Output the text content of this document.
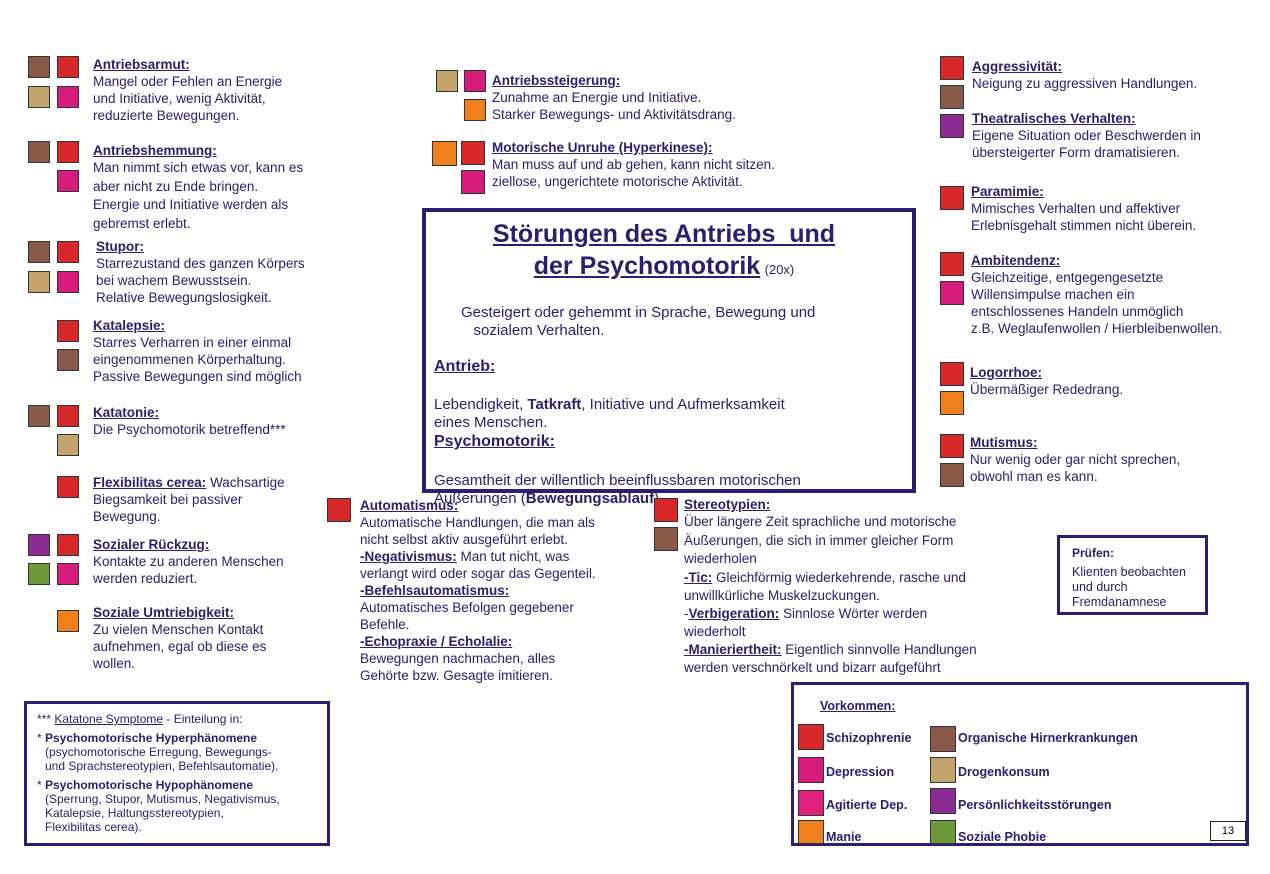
Antriebsarmut:
Mangel oder Fehlen an Energie
und Initiative, wenig Aktivität,
reduzierte Bewegungen.
Antriebshemmung:
Man nimmt sich etwas vor, kann es
aber nicht zu Ende bringen.
Energie und Initiative werden als
gebremst erlebt.
Stupor:
Starrezustand des ganzen Körpers
bei wachem Bewusstsein.
Relative Bewegungslosigkeit.
Katalepsie:
Starres Verharren in einer einmal
eingenommenen Körperhaltung.
Passive Bewegungen sind möglich
Katatonie:
Die Psychomotorik betreffend***
Flexibilitas cerea: Wachsartige
Biegsamkeit bei passiver
Bewegung.
Sozialer Rückzug:
Kontakte zu anderen Menschen
werden reduziert.
Soziale Umtriebigkeit:
Zu vielen Menschen Kontakt
aufnehmen, egal ob diese es
wollen.
*** Katatone Symptome - Einteilung in:
* Psychomotorische Hyperphänomene
(psychomotorische Erregung, Bewegungs-
und Sprachstereotypien, Befehlsautomatie).
* Psychomotorische Hypophänomene
(Sperrung, Stupor, Mutismus, Negativismus,
Katalepsie, Haltungsstereotypien,
Flexibilitas cerea).
Antriebssteigerung:
Zunahme an Energie und Initiative.
Starker Bewegungs- und Aktivitätsdrang.
Motorische Unruhe (Hyperkinese):
Man muss auf und ab gehen, kann nicht sitzen.
ziellose, ungerichtete motorische Aktivität.
Störungen des Antriebs  und
der Psychomotorik (20x)
Gesteigert oder gehemmt in Sprache, Bewegung und
sozialem Verhalten.
Antrieb:

Lebendigkeit, Tatkraft, Initiative und Aufmerksamkeit
eines Menschen.

Psychomotorik:

Gesamtheit der willentlich beeinflussbaren motorischen
Äußerungen (Bewegungsablauf

Automatismus:
Automatische Handlungen, die man als
nicht selbst aktiv ausgeführt erlebt.
-Negativismus: Man tut nicht, was
verlangt wird oder sogar das Gegenteil.
-Befehlsautomatismus:
Automatisches Befolgen gegebener
Befehle.
-Echopraxie / Echolalie:
Bewegungen nachmachen, alles
Gehörte bzw. Gesagte imitieren.
Stereotypien:
Über längere Zeit sprachliche und motorische
Äußerungen, die sich in immer gleicher Form
wiederholen
-Tic: Gleichförmig wiederkehrende, rasche und
unwillkürliche Muskelzuckungen.
-Verbigeration: Sinnlose Wörter werden
wiederholt
-Manieriertheit: Eigentlich sinnvolle Handlungen
werden verschnörkelt und bizarr aufgeführt
Aggressivität:
Neigung zu aggressiven Handlungen.
Theatralisches Verhalten:
Eigene Situation oder Beschwerden in
übersteigerter Form dramatisieren.
Paramimie:
Mimisches Verhalten und affektiver
Erlebnisgehalt stimmen nicht überein.
Ambitendenz:
Gleichzeitige, entgegengesetzte
Willensimpulse machen ein
entschlossenes Handeln unmöglich
z.B. Weglaufenwollen / Hierbleibenwollen.
Logorrhoe:
Übermäßiger Rededrang.
Mutismus:
Nur wenig oder gar nicht sprechen,
obwohl man es kann.
Prüfen:
Klienten beobachten
und durch
Fremdanamnese
Vorkommen:
Schizophrenie	Organische Hirnerkrankungen
Depression	Drogenkonsum
Agitierte Dep.	Persönlichkeitsstörungen
Manie	Soziale Phobie	13
